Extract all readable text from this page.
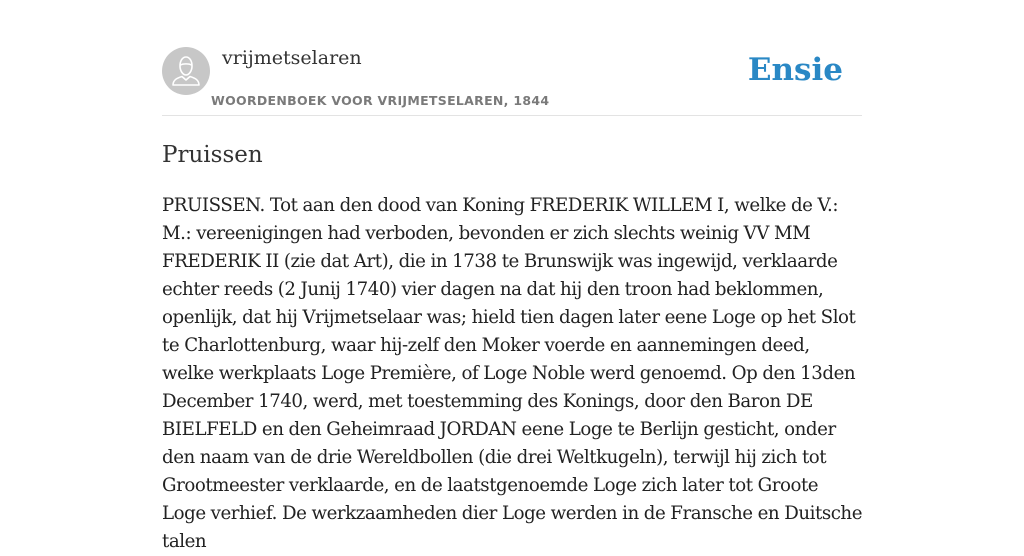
vrijmetselaren
WOORDENBOEK VOOR VRIJMETSELAREN, 1844
Ensie
Pruissen

PRUISSEN. Tot aan den dood van Koning FREDERIK WILLEM I, welke de V.: M.: vereenigingen had verboden, bevonden er zich slechts weinig VV MM FREDERIK II (zie dat Art), die in 1738 te Brunswijk was ingewijd, verklaarde echter reeds (2 Junij 1740) vier dagen na dat hij den troon had beklommen, openlijk, dat hij Vrijmetselaar was; hield tien dagen later eene Loge op het Slot te Charlottenburg, waar hij-zelf den Moker voerde en aannemingen deed, welke werkplaats Loge Première, of Loge Noble werd genoemd. Op den 13den December 1740, werd, met toestemming des Konings, door den Baron DE BIELFELD en den Geheimraad JORDAN eene Loge te Berlijn gesticht, onder den naam van de drie Wereldbollen (die drei Weltkugeln), terwijl hij zich tot Grootmeester verklaarde, en de laatstgenoemde Loge zich later tot Groote Loge verhief. De werkzaamheden dier Loge werden in de Fransche en Duitsche talen
